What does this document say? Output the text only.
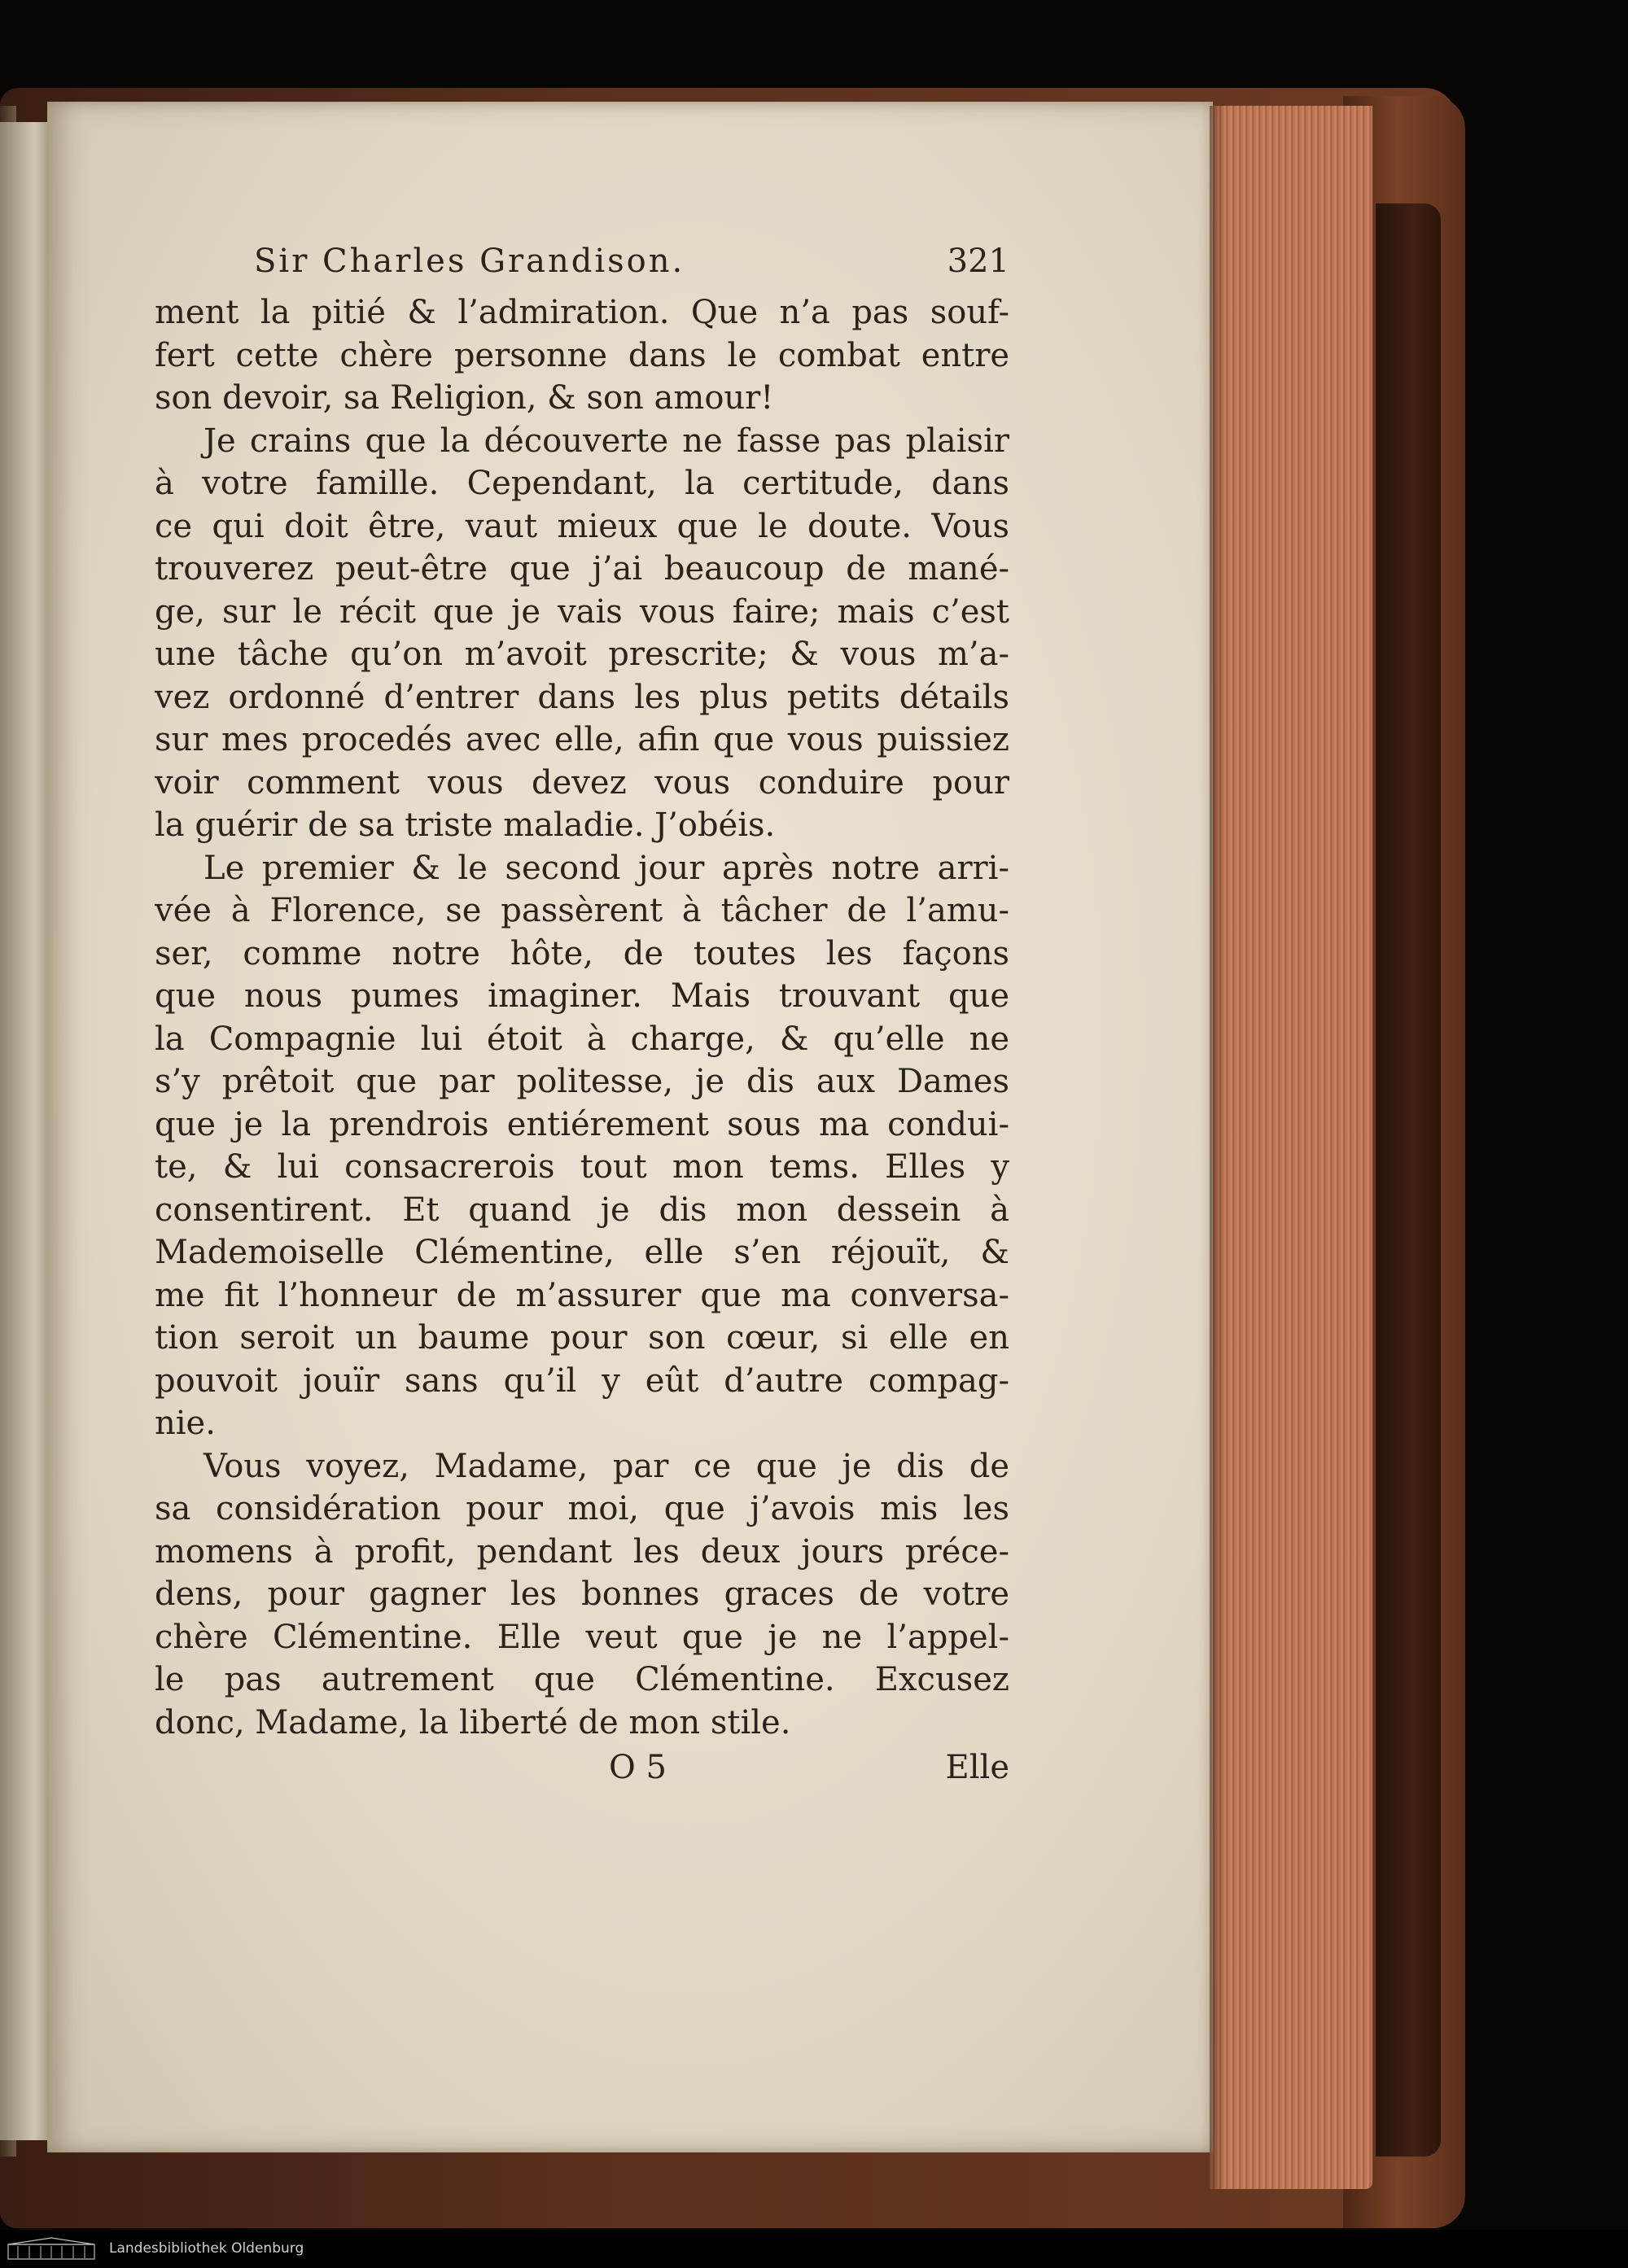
Sir Charles Grandison.	321
ment la pitié & l’admiration. Que n’a pas souf-
fert cette chère personne dans le combat entre
son devoir, sa Religion, & son amour!
Je crains que la découverte ne fasse pas plaisir
à votre famille. Cependant, la certitude, dans
ce qui doit être, vaut mieux que le doute. Vous
trouverez peut-être que j’ai beaucoup de mané-
ge, sur le récit que je vais vous faire; mais c’est
une tâche qu’on m’avoit prescrite; & vous m’a-
vez ordonné d’entrer dans les plus petits détails
sur mes procedés avec elle, afin que vous puissiez
voir comment vous devez vous conduire pour
la guérir de sa triste maladie. J’obéis.
Le premier & le second jour après notre arri-
vée à Florence, se passèrent à tâcher de l’amu-
ser, comme notre hôte, de toutes les façons
que nous pumes imaginer. Mais trouvant que
la Compagnie lui étoit à charge, & qu’elle ne
s’y prêtoit que par politesse, je dis aux Dames
que je la prendrois entiérement sous ma condui-
te, & lui consacrerois tout mon tems. Elles y
consentirent. Et quand je dis mon dessein à
Mademoiselle Clémentine, elle s’en réjouït, &
me fit l’honneur de m’assurer que ma conversa-
tion seroit un baume pour son cœur, si elle en
pouvoit jouïr sans qu’il y eût d’autre compag-
nie.
Vous voyez, Madame, par ce que je dis de
sa considération pour moi, que j’avois mis les
momens à profit, pendant les deux jours préce-
dens, pour gagner les bonnes graces de votre
chère Clémentine. Elle veut que je ne l’appel-
le pas autrement que Clémentine. Excusez
donc, Madame, la liberté de mon stile.
O 5	Elle
Landesbibliothek Oldenburg
